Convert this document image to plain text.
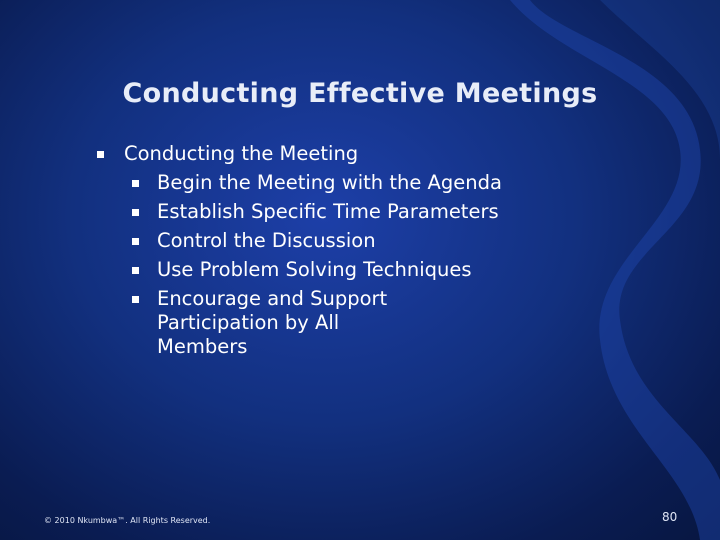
Conducting Effective Meetings
Conducting the Meeting
Begin the Meeting with the Agenda
Establish Specific Time Parameters
Control the Discussion
Use Problem Solving Techniques
Encourage and Support
Participation by All
Members
© 2010 Nkumbwa™. All Rights Reserved.	80
